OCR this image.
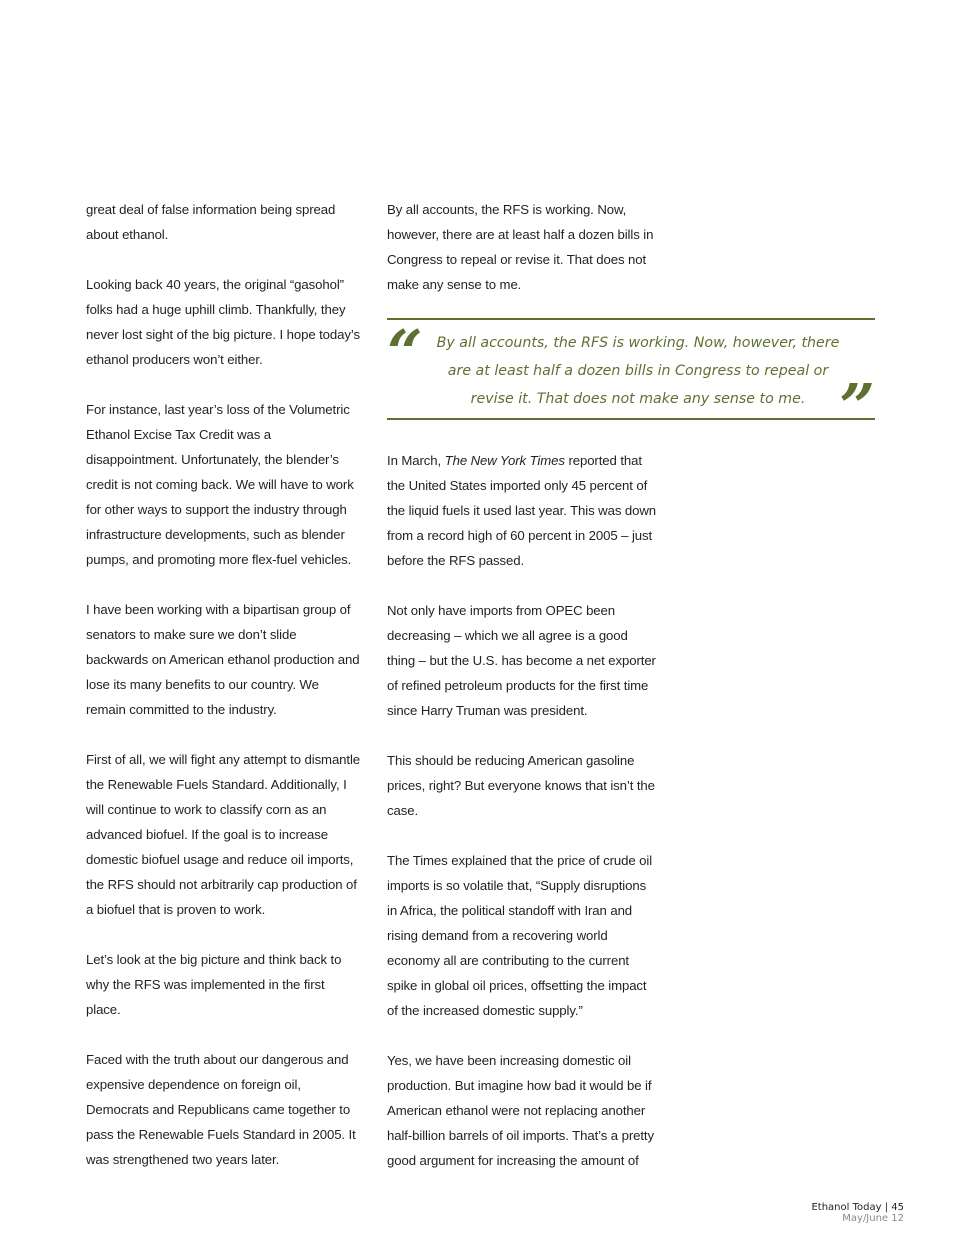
great deal of false information being spread about ethanol.

Looking back 40 years, the original “gasohol” folks had a huge uphill climb. Thankfully, they never lost sight of the big picture. I hope today’s ethanol producers won’t either.

For instance, last year’s loss of the Volumetric Ethanol Excise Tax Credit was a disappointment. Unfortunately, the blender’s credit is not coming back. We will have to work for other ways to support the industry through infrastructure developments, such as blender pumps, and promoting more flex-fuel vehicles.

I have been working with a bipartisan group of senators to make sure we don’t slide backwards on American ethanol production and lose its many benefits to our country. We remain committed to the industry.

First of all, we will fight any attempt to dismantle the Renewable Fuels Standard. Additionally, I will continue to work to classify corn as an advanced biofuel. If the goal is to increase domestic biofuel usage and reduce oil imports, the RFS should not arbitrarily cap production of a biofuel that is proven to work.

Let’s look at the big picture and think back to why the RFS was implemented in the first place.

Faced with the truth about our dangerous and expensive dependence on foreign oil, Democrats and Republicans came together to pass the Renewable Fuels Standard in 2005. It was strengthened two years later.

By all accounts, the RFS is working. Now, however, there are at least half a dozen bills in Congress to repeal or revise it. That does not make any sense to me.

“ By all accounts, the RFS is working. Now, however, there are at least half a dozen bills in Congress to repeal or revise it. That does not make any sense to me. ”

In March, The New York Times reported that the United States imported only 45 percent of the liquid fuels it used last year. This was down from a record high of 60 percent in 2005 – just before the RFS passed.

Not only have imports from OPEC been decreasing – which we all agree is a good thing – but the U.S. has become a net exporter of refined petroleum products for the first time since Harry Truman was president.

This should be reducing American gasoline prices, right? But everyone knows that isn’t the case.

The Times explained that the price of crude oil imports is so volatile that, “Supply disruptions in Africa, the political standoff with Iran and rising demand from a recovering world economy all are contributing to the current spike in global oil prices, offsetting the impact of the increased domestic supply.”

Yes, we have been increasing domestic oil production. But imagine how bad it would be if American ethanol were not replacing another half-billion barrels of oil imports. That’s a pretty good argument for increasing the amount of

Ethanol Today | 45
May/June 12
